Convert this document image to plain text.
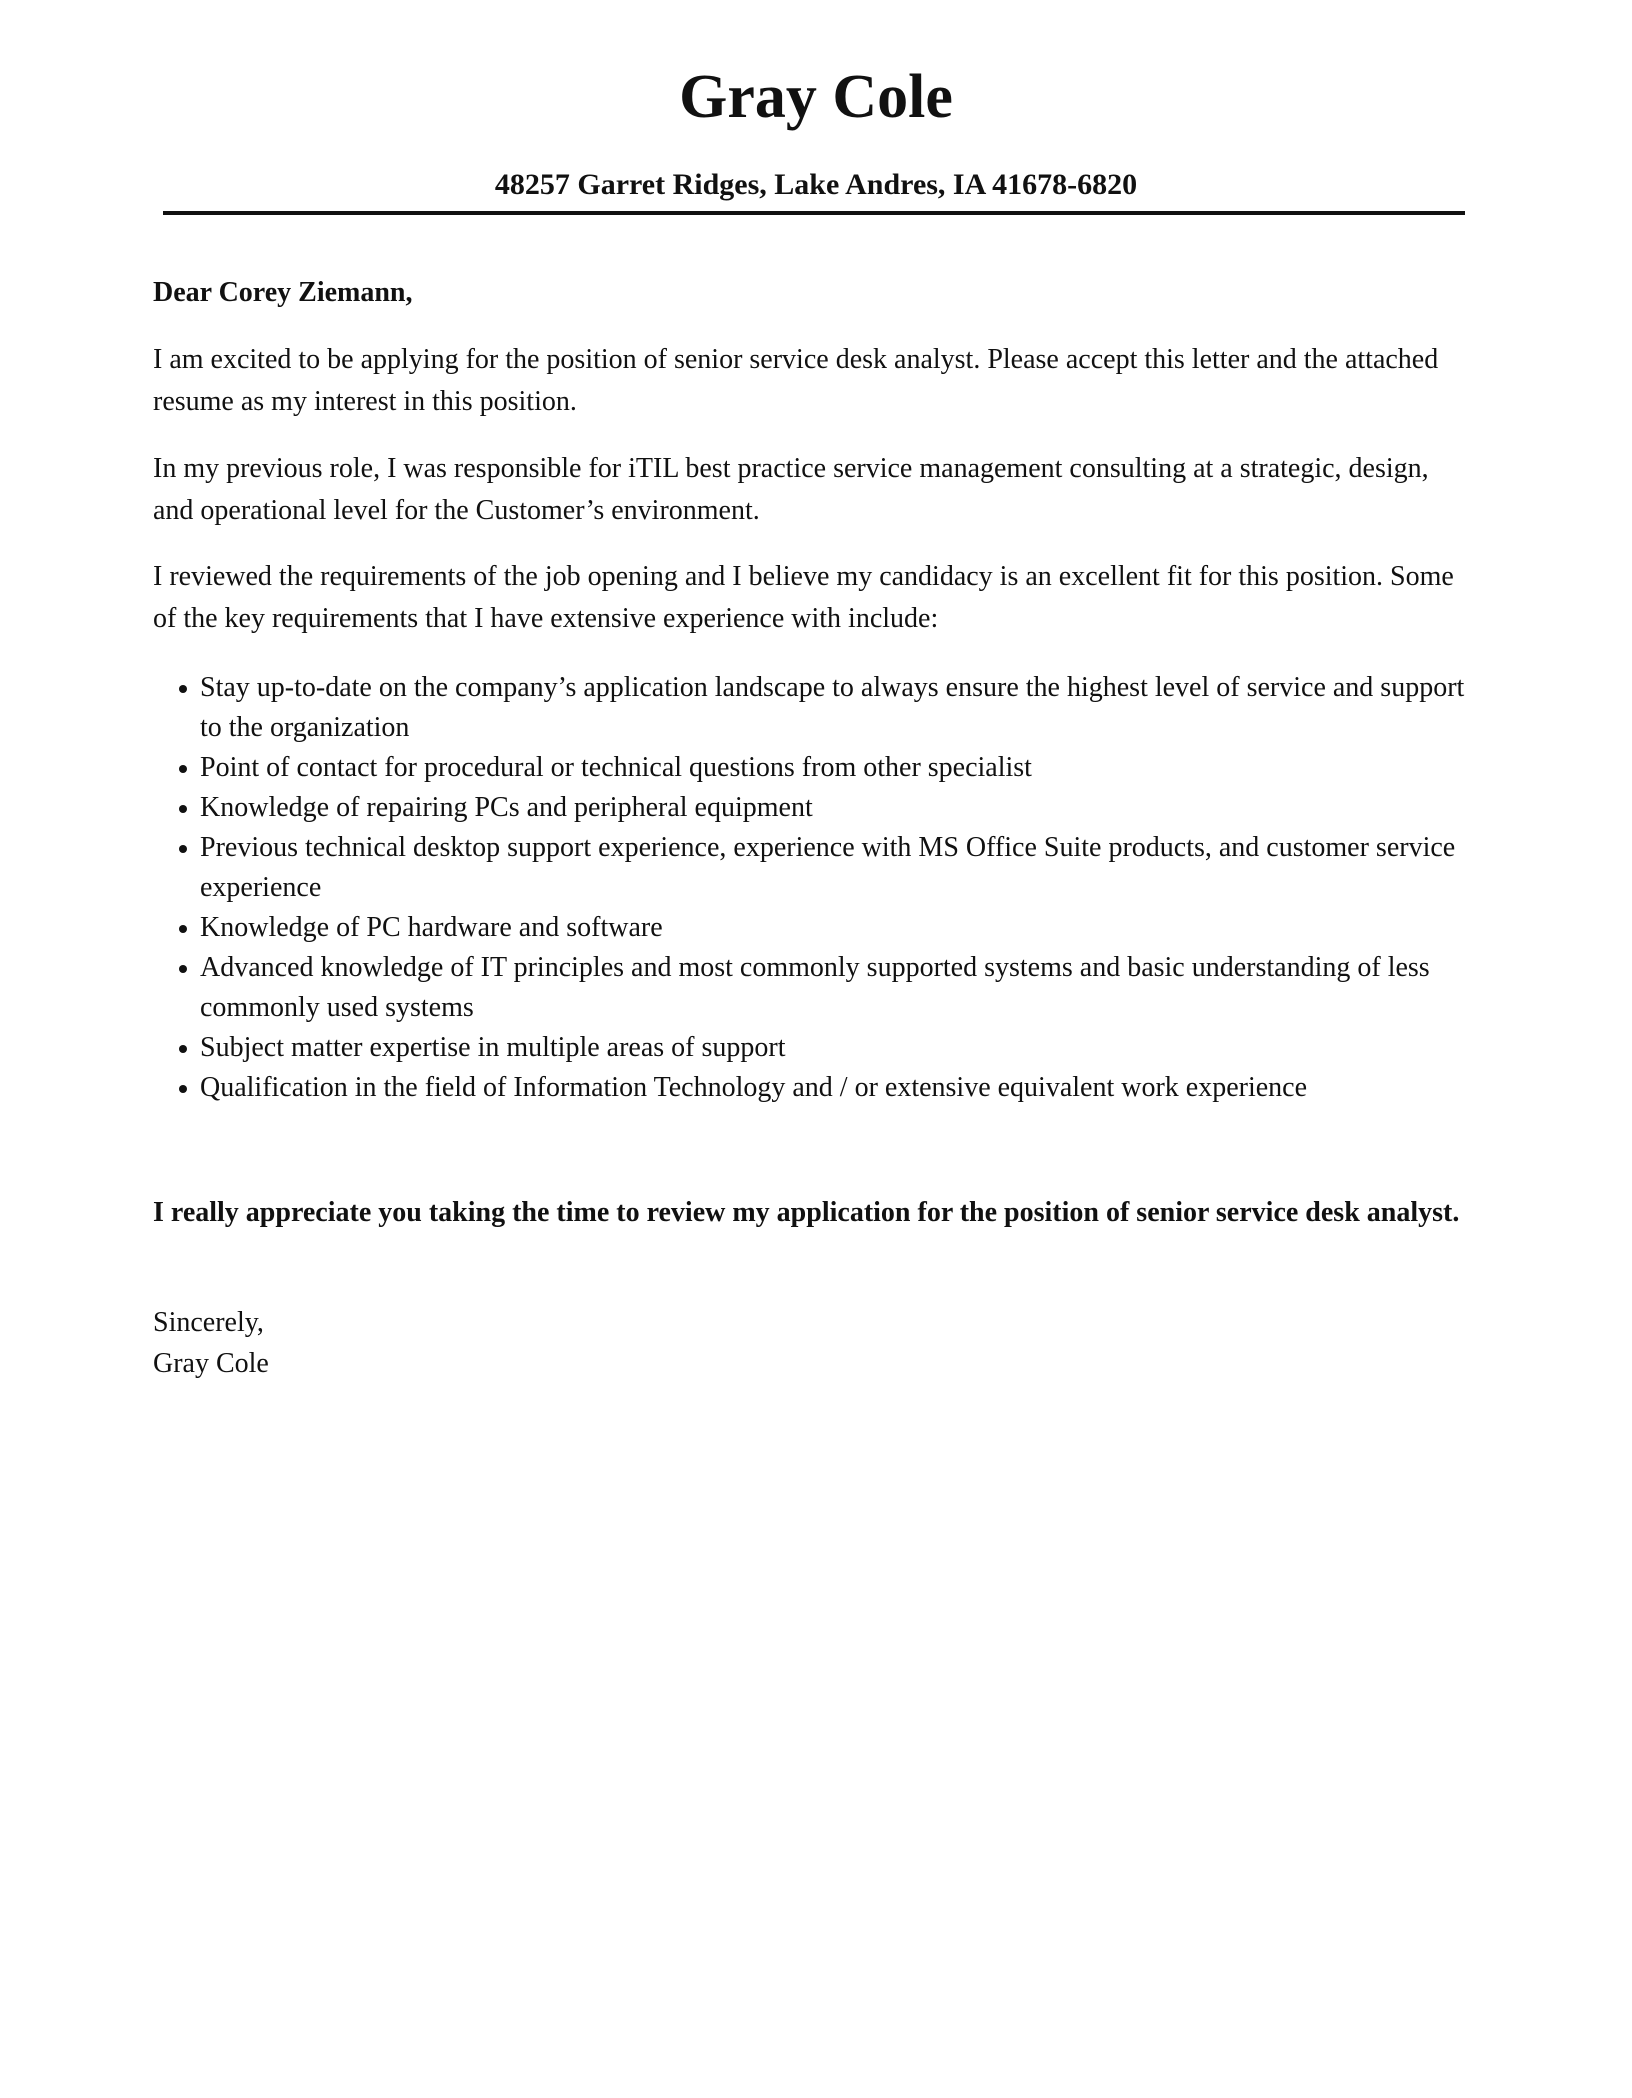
Gray Cole
48257 Garret Ridges, Lake Andres, IA 41678-6820

Dear Corey Ziemann,

I am excited to be applying for the position of senior service desk analyst. Please accept this letter and the attached resume as my interest in this position.

In my previous role, I was responsible for iTIL best practice service management consulting at a strategic, design, and operational level for the Customer’s environment.

I reviewed the requirements of the job opening and I believe my candidacy is an excellent fit for this position. Some of the key requirements that I have extensive experience with include:

Stay up-to-date on the company’s application landscape to always ensure the highest level of service and support to the organization
Point of contact for procedural or technical questions from other specialist
Knowledge of repairing PCs and peripheral equipment
Previous technical desktop support experience, experience with MS Office Suite products, and customer service experience
Knowledge of PC hardware and software
Advanced knowledge of IT principles and most commonly supported systems and basic understanding of less commonly used systems
Subject matter expertise in multiple areas of support
Qualification in the field of Information Technology and / or extensive equivalent work experience

I really appreciate you taking the time to review my application for the position of senior service desk analyst.

Sincerely,

Gray Cole
